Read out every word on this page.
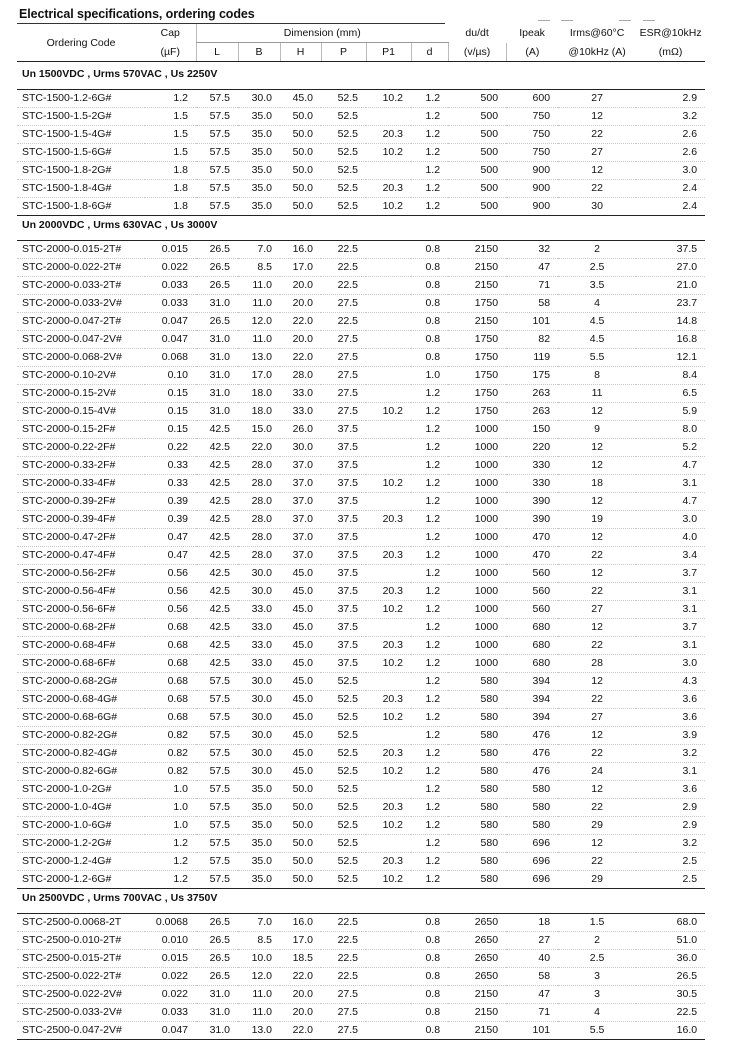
Electrical specifications, ordering codes
Ordering Code	Cap	Dimension (mm)						du/dt	Ipeak	Irms@60°C	ESR@10kHz
	(µF)	L	B	H	P	P1	d	(v/µs)	(A)	@10kHz (A)	(mΩ)
Un 1500VDC , Urms 570VAC , Us 2250V											

STC-1500-1.2-6G#	1.2	57.5	30.0	45.0	52.5	10.2	1.2	500	600	27	2.9
STC-1500-1.5-2G#	1.5	57.5	35.0	50.0	52.5		1.2	500	750	12	3.2
STC-1500-1.5-4G#	1.5	57.5	35.0	50.0	52.5	20.3	1.2	500	750	22	2.6
STC-1500-1.5-6G#	1.5	57.5	35.0	50.0	52.5	10.2	1.2	500	750	27	2.6
STC-1500-1.8-2G#	1.8	57.5	35.0	50.0	52.5		1.2	500	900	12	3.0
STC-1500-1.8-4G#	1.8	57.5	35.0	50.0	52.5	20.3	1.2	500	900	22	2.4
STC-1500-1.8-6G#	1.8	57.5	35.0	50.0	52.5	10.2	1.2	500	900	30	2.4
Un 2000VDC , Urms 630VAC , Us 3000V											

STC-2000-0.015-2T#	0.015	26.5	7.0	16.0	22.5		0.8	2150	32	2	37.5
STC-2000-0.022-2T#	0.022	26.5	8.5	17.0	22.5		0.8	2150	47	2.5	27.0
STC-2000-0.033-2T#	0.033	26.5	11.0	20.0	22.5		0.8	2150	71	3.5	21.0
STC-2000-0.033-2V#	0.033	31.0	11.0	20.0	27.5		0.8	1750	58	4	23.7
STC-2000-0.047-2T#	0.047	26.5	12.0	22.0	22.5		0.8	2150	101	4.5	14.8
STC-2000-0.047-2V#	0.047	31.0	11.0	20.0	27.5		0.8	1750	82	4.5	16.8
STC-2000-0.068-2V#	0.068	31.0	13.0	22.0	27.5		0.8	1750	119	5.5	12.1
STC-2000-0.10-2V#	0.10	31.0	17.0	28.0	27.5		1.0	1750	175	8	8.4
STC-2000-0.15-2V#	0.15	31.0	18.0	33.0	27.5		1.2	1750	263	11	6.5
STC-2000-0.15-4V#	0.15	31.0	18.0	33.0	27.5	10.2	1.2	1750	263	12	5.9
STC-2000-0.15-2F#	0.15	42.5	15.0	26.0	37.5		1.2	1000	150	9	8.0
STC-2000-0.22-2F#	0.22	42.5	22.0	30.0	37.5		1.2	1000	220	12	5.2
STC-2000-0.33-2F#	0.33	42.5	28.0	37.0	37.5		1.2	1000	330	12	4.7
STC-2000-0.33-4F#	0.33	42.5	28.0	37.0	37.5	10.2	1.2	1000	330	18	3.1
STC-2000-0.39-2F#	0.39	42.5	28.0	37.0	37.5		1.2	1000	390	12	4.7
STC-2000-0.39-4F#	0.39	42.5	28.0	37.0	37.5	20.3	1.2	1000	390	19	3.0
STC-2000-0.47-2F#	0.47	42.5	28.0	37.0	37.5		1.2	1000	470	12	4.0
STC-2000-0.47-4F#	0.47	42.5	28.0	37.0	37.5	20.3	1.2	1000	470	22	3.4
STC-2000-0.56-2F#	0.56	42.5	30.0	45.0	37.5		1.2	1000	560	12	3.7
STC-2000-0.56-4F#	0.56	42.5	30.0	45.0	37.5	20.3	1.2	1000	560	22	3.1
STC-2000-0.56-6F#	0.56	42.5	33.0	45.0	37.5	10.2	1.2	1000	560	27	3.1
STC-2000-0.68-2F#	0.68	42.5	33.0	45.0	37.5		1.2	1000	680	12	3.7
STC-2000-0.68-4F#	0.68	42.5	33.0	45.0	37.5	20.3	1.2	1000	680	22	3.1
STC-2000-0.68-6F#	0.68	42.5	33.0	45.0	37.5	10.2	1.2	1000	680	28	3.0
STC-2000-0.68-2G#	0.68	57.5	30.0	45.0	52.5		1.2	580	394	12	4.3
STC-2000-0.68-4G#	0.68	57.5	30.0	45.0	52.5	20.3	1.2	580	394	22	3.6
STC-2000-0.68-6G#	0.68	57.5	30.0	45.0	52.5	10.2	1.2	580	394	27	3.6
STC-2000-0.82-2G#	0.82	57.5	30.0	45.0	52.5		1.2	580	476	12	3.9
STC-2000-0.82-4G#	0.82	57.5	30.0	45.0	52.5	20.3	1.2	580	476	22	3.2
STC-2000-0.82-6G#	0.82	57.5	30.0	45.0	52.5	10.2	1.2	580	476	24	3.1
STC-2000-1.0-2G#	1.0	57.5	35.0	50.0	52.5		1.2	580	580	12	3.6
STC-2000-1.0-4G#	1.0	57.5	35.0	50.0	52.5	20.3	1.2	580	580	22	2.9
STC-2000-1.0-6G#	1.0	57.5	35.0	50.0	52.5	10.2	1.2	580	580	29	2.9
STC-2000-1.2-2G#	1.2	57.5	35.0	50.0	52.5		1.2	580	696	12	3.2
STC-2000-1.2-4G#	1.2	57.5	35.0	50.0	52.5	20.3	1.2	580	696	22	2.5
STC-2000-1.2-6G#	1.2	57.5	35.0	50.0	52.5	10.2	1.2	580	696	29	2.5
Un 2500VDC , Urms 700VAC , Us 3750V											

STC-2500-0.0068-2T	0.0068	26.5	7.0	16.0	22.5		0.8	2650	18	1.5	68.0
STC-2500-0.010-2T#	0.010	26.5	8.5	17.0	22.5		0.8	2650	27	2	51.0
STC-2500-0.015-2T#	0.015	26.5	10.0	18.5	22.5		0.8	2650	40	2.5	36.0
STC-2500-0.022-2T#	0.022	26.5	12.0	22.0	22.5		0.8	2650	58	3	26.5
STC-2500-0.022-2V#	0.022	31.0	11.0	20.0	27.5		0.8	2150	47	3	30.5
STC-2500-0.033-2V#	0.033	31.0	11.0	20.0	27.5		0.8	2150	71	4	22.5
STC-2500-0.047-2V#	0.047	31.0	13.0	22.0	27.5		0.8	2150	101	5.5	16.0
